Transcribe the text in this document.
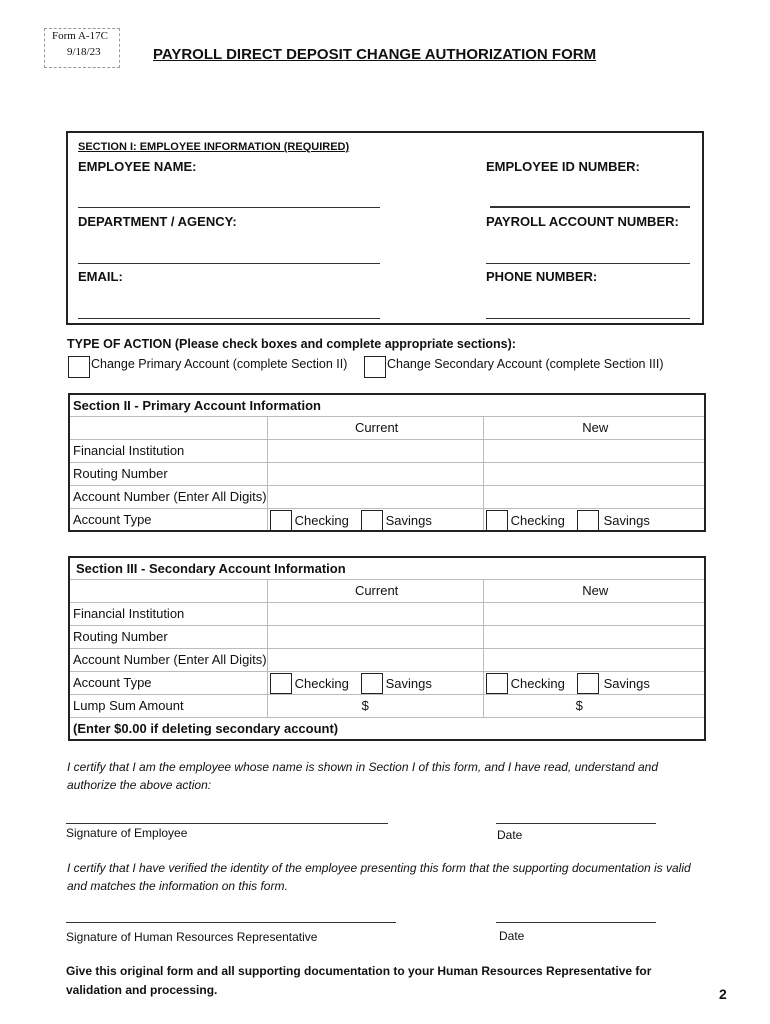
Form A-17C
9/18/23	PAYROLL DIRECT DEPOSIT CHANGE AUTHORIZATION FORM
SECTION I: EMPLOYEE INFORMATION (REQUIRED)
EMPLOYEE NAME:	EMPLOYEE ID NUMBER:
DEPARTMENT / AGENCY:	PAYROLL ACCOUNT NUMBER:
EMAIL:	PHONE NUMBER:
TYPE OF ACTION (Please check boxes and complete appropriate sections):
Change Primary Account (complete Section II)	Change Secondary Account (complete Section III)
Section II - Primary Account Information		
	Current	New
Financial Institution		
Routing Number		
Account Number (Enter All Digits)		
Account Type	Checking Savings	Checking Savings
Section III - Secondary Account Information		
	Current	New
Financial Institution		
Routing Number		
Account Number (Enter All Digits)		
Account Type	Checking Savings	Checking Savings

Lump Sum Amount	$	$
(Enter $0.00 if deleting secondary account)		
I certify that I am the employee whose name is shown in Section I of this form, and I have read, understand and authorize the above action:
Signature of Employee	Date
I certify that I have verified the identity of the employee presenting this form that the supporting documentation is valid and matches the information on this form.
Signature of Human Resources Representative	Date
Give this original form and all supporting documentation to your Human Resources Representative for validation and processing.	2
